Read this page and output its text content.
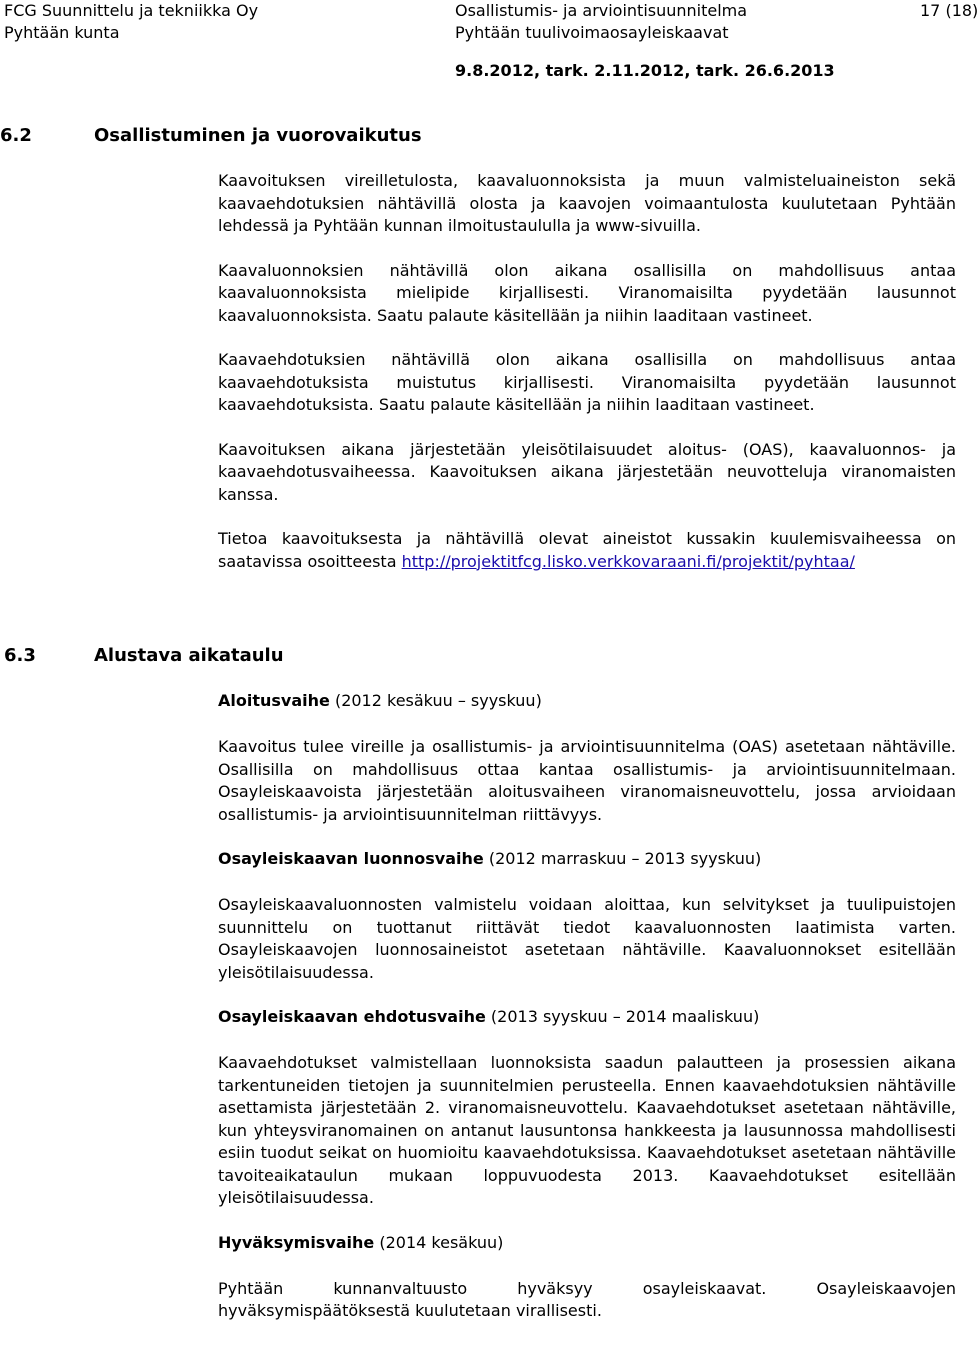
FCG Suunnittelu ja tekniikka Oy
Pyhtään kunta
Osallistumis- ja arviointisuunnitelma
Pyhtään tuulivoimaosayleiskaavat
17 (18)
9.8.2012, tark. 2.11.2012, tark. 26.6.2013
6.2	Osallistuminen ja vuorovaikutus

Kaavoituksen vireilletulosta, kaavaluonnoksista ja muun valmisteluaineiston sekä kaavaehdotuksien nähtävillä olosta ja kaavojen voimaantulosta kuulutetaan Pyhtään lehdessä ja Pyhtään kunnan ilmoitustaululla ja www-sivuilla.

Kaavaluonnoksien nähtävillä olon aikana osallisilla on mahdollisuus antaa kaavaluonnoksista mielipide kirjallisesti. Viranomaisilta pyydetään lausunnot kaavaluonnoksista. Saatu palaute käsitellään ja niihin laaditaan vastineet.

Kaavaehdotuksien nähtävillä olon aikana osallisilla on mahdollisuus antaa kaavaehdotuksista muistutus kirjallisesti. Viranomaisilta pyydetään lausunnot kaavaehdotuksista. Saatu palaute käsitellään ja niihin laaditaan vastineet.

Kaavoituksen aikana järjestetään yleisötilaisuudet aloitus- (OAS), kaavaluonnos- ja kaavaehdotusvaiheessa. Kaavoituksen aikana järjestetään neuvotteluja viranomaisten kanssa.

Tietoa kaavoituksesta ja nähtävillä olevat aineistot kussakin kuulemisvaiheessa on saatavissa osoitteesta http://projektitfcg.lisko.verkkovaraani.fi/projektit/pyhtaa/

6.3	Alustava aikataulu

Aloitusvaihe (2012 kesäkuu – syyskuu)

Kaavoitus tulee vireille ja osallistumis- ja arviointisuunnitelma (OAS) asetetaan nähtäville. Osallisilla on mahdollisuus ottaa kantaa osallistumis- ja arviointisuunnitelmaan. Osayleiskaavoista järjestetään aloitusvaiheen viranomaisneuvottelu, jossa arvioidaan osallistumis- ja arviointisuunnitelman riittävyys.

Osayleiskaavan luonnosvaihe (2012 marraskuu – 2013 syyskuu)

Osayleiskaavaluonnosten valmistelu voidaan aloittaa, kun selvitykset ja tuulipuistojen suunnittelu on tuottanut riittävät tiedot kaavaluonnosten laatimista varten. Osayleiskaavojen luonnosaineistot asetetaan nähtäville. Kaavaluonnokset esitellään yleisötilaisuudessa.

Osayleiskaavan ehdotusvaihe (2013 syyskuu – 2014 maaliskuu)

Kaavaehdotukset valmistellaan luonnoksista saadun palautteen ja prosessien aikana tarkentuneiden tietojen ja suunnitelmien perusteella. Ennen kaavaehdotuksien nähtäville asettamista järjestetään 2. viranomaisneuvottelu. Kaavaehdotukset asetetaan nähtäville, kun yhteysviranomainen on antanut lausuntonsa hankkeesta ja lausunnossa mahdollisesti esiin tuodut seikat on huomioitu kaavaehdotuksissa. Kaavaehdotukset asetetaan nähtäville tavoiteaikataulun mukaan loppuvuodesta 2013. Kaavaehdotukset esitellään yleisötilaisuudessa.

Hyväksymisvaihe (2014 kesäkuu)

Pyhtään kunnanvaltuusto hyväksyy osayleiskaavat. Osayleiskaavojen hyväksymispäätöksestä kuulutetaan virallisesti.
